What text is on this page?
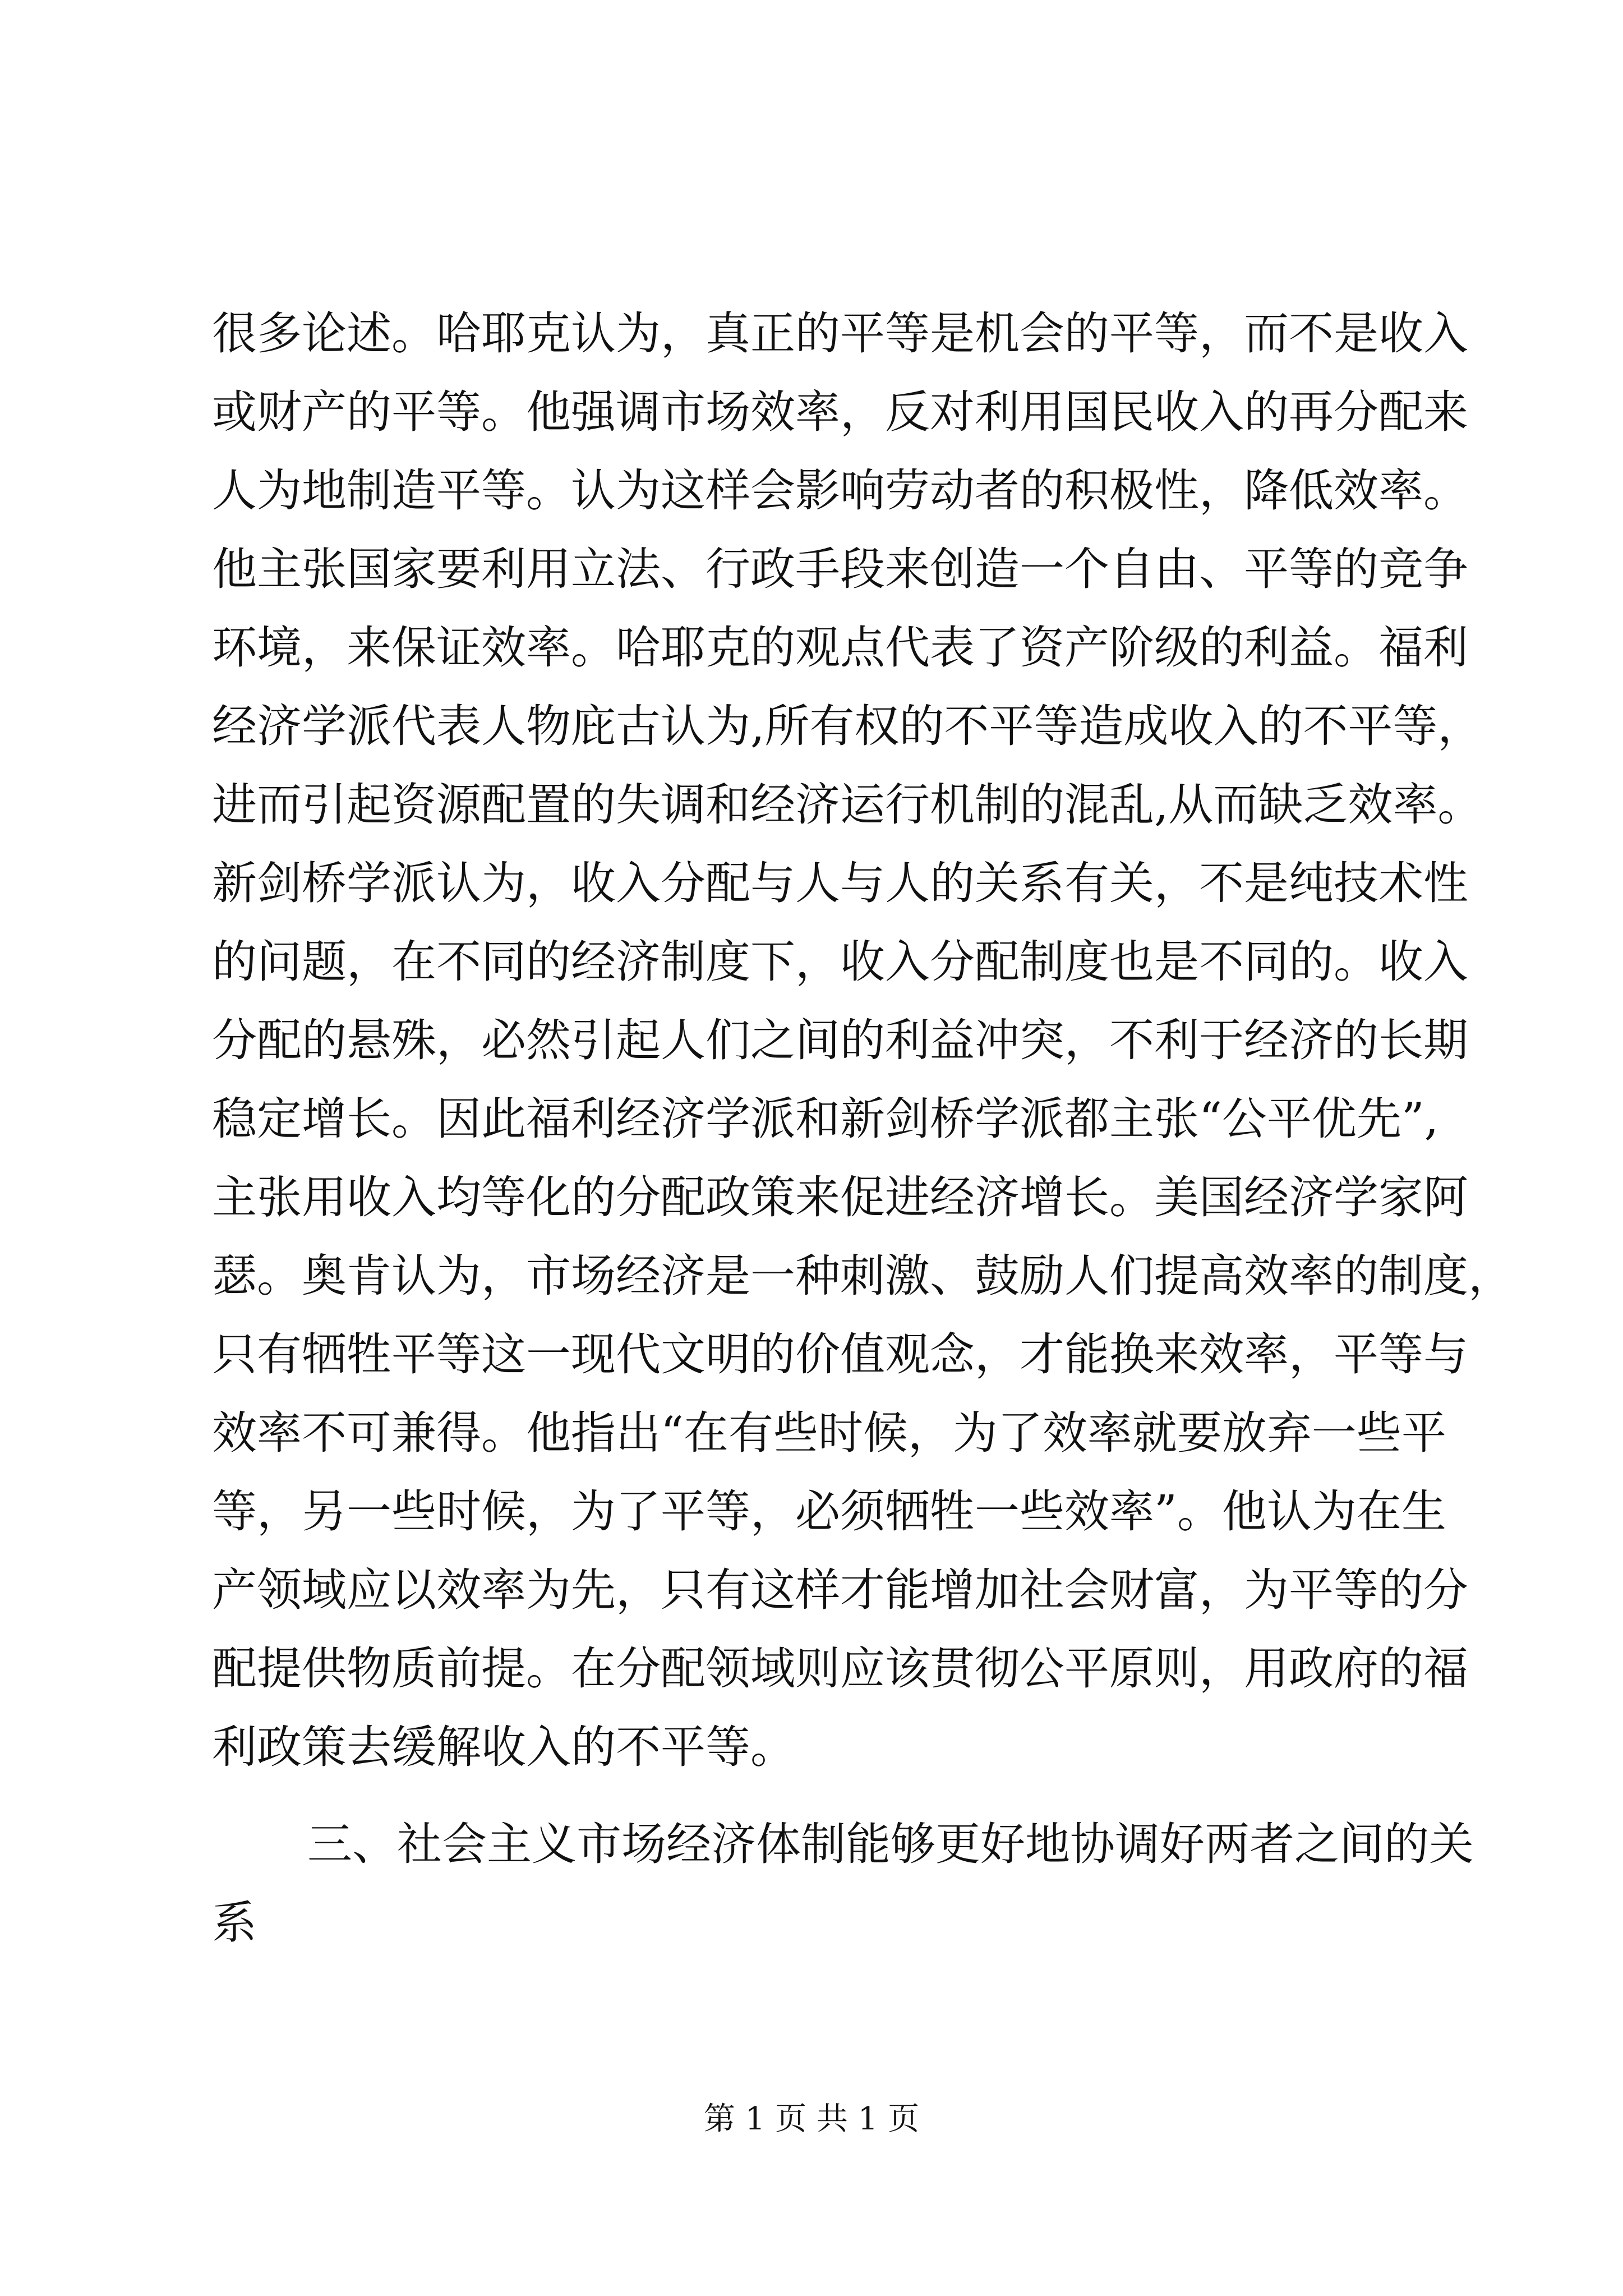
很多论述。哈耶克认为，真正的平等是机会的平等，而不是收入
或财产的平等。他强调市场效率，反对利用国民收入的再分配来
人为地制造平等。认为这样会影响劳动者的积极性，降低效率。
他主张国家要利用立法、行政手段来创造一个自由、平等的竞争
环境，来保证效率。哈耶克的观点代表了资产阶级的利益。福利
经济学派代表人物庇古认为,所有权的不平等造成收入的不平等，
进而引起资源配置的失调和经济运行机制的混乱,从而缺乏效率。
新剑桥学派认为，收入分配与人与人的关系有关，不是纯技术性
的问题，在不同的经济制度下，收入分配制度也是不同的。收入
分配的悬殊，必然引起人们之间的利益冲突，不利于经济的长期
稳定增长。因此福利经济学派和新剑桥学派都主张“公平优先”,
主张用收入均等化的分配政策来促进经济增长。美国经济学家阿
瑟。奥肯认为，市场经济是一种刺激、鼓励人们提高效率的制度，
只有牺牲平等这一现代文明的价值观念，才能换来效率，平等与
效率不可兼得。他指出“在有些时候，为了效率就要放弃一些平
等，另一些时候，为了平等，必须牺牲一些效率”。他认为在生
产领域应以效率为先，只有这样才能增加社会财富，为平等的分
配提供物质前提。在分配领域则应该贯彻公平原则，用政府的福
利政策去缓解收入的不平等。
三、社会主义市场经济体制能够更好地协调好两者之间的关
系
第 1 页 共 1 页
